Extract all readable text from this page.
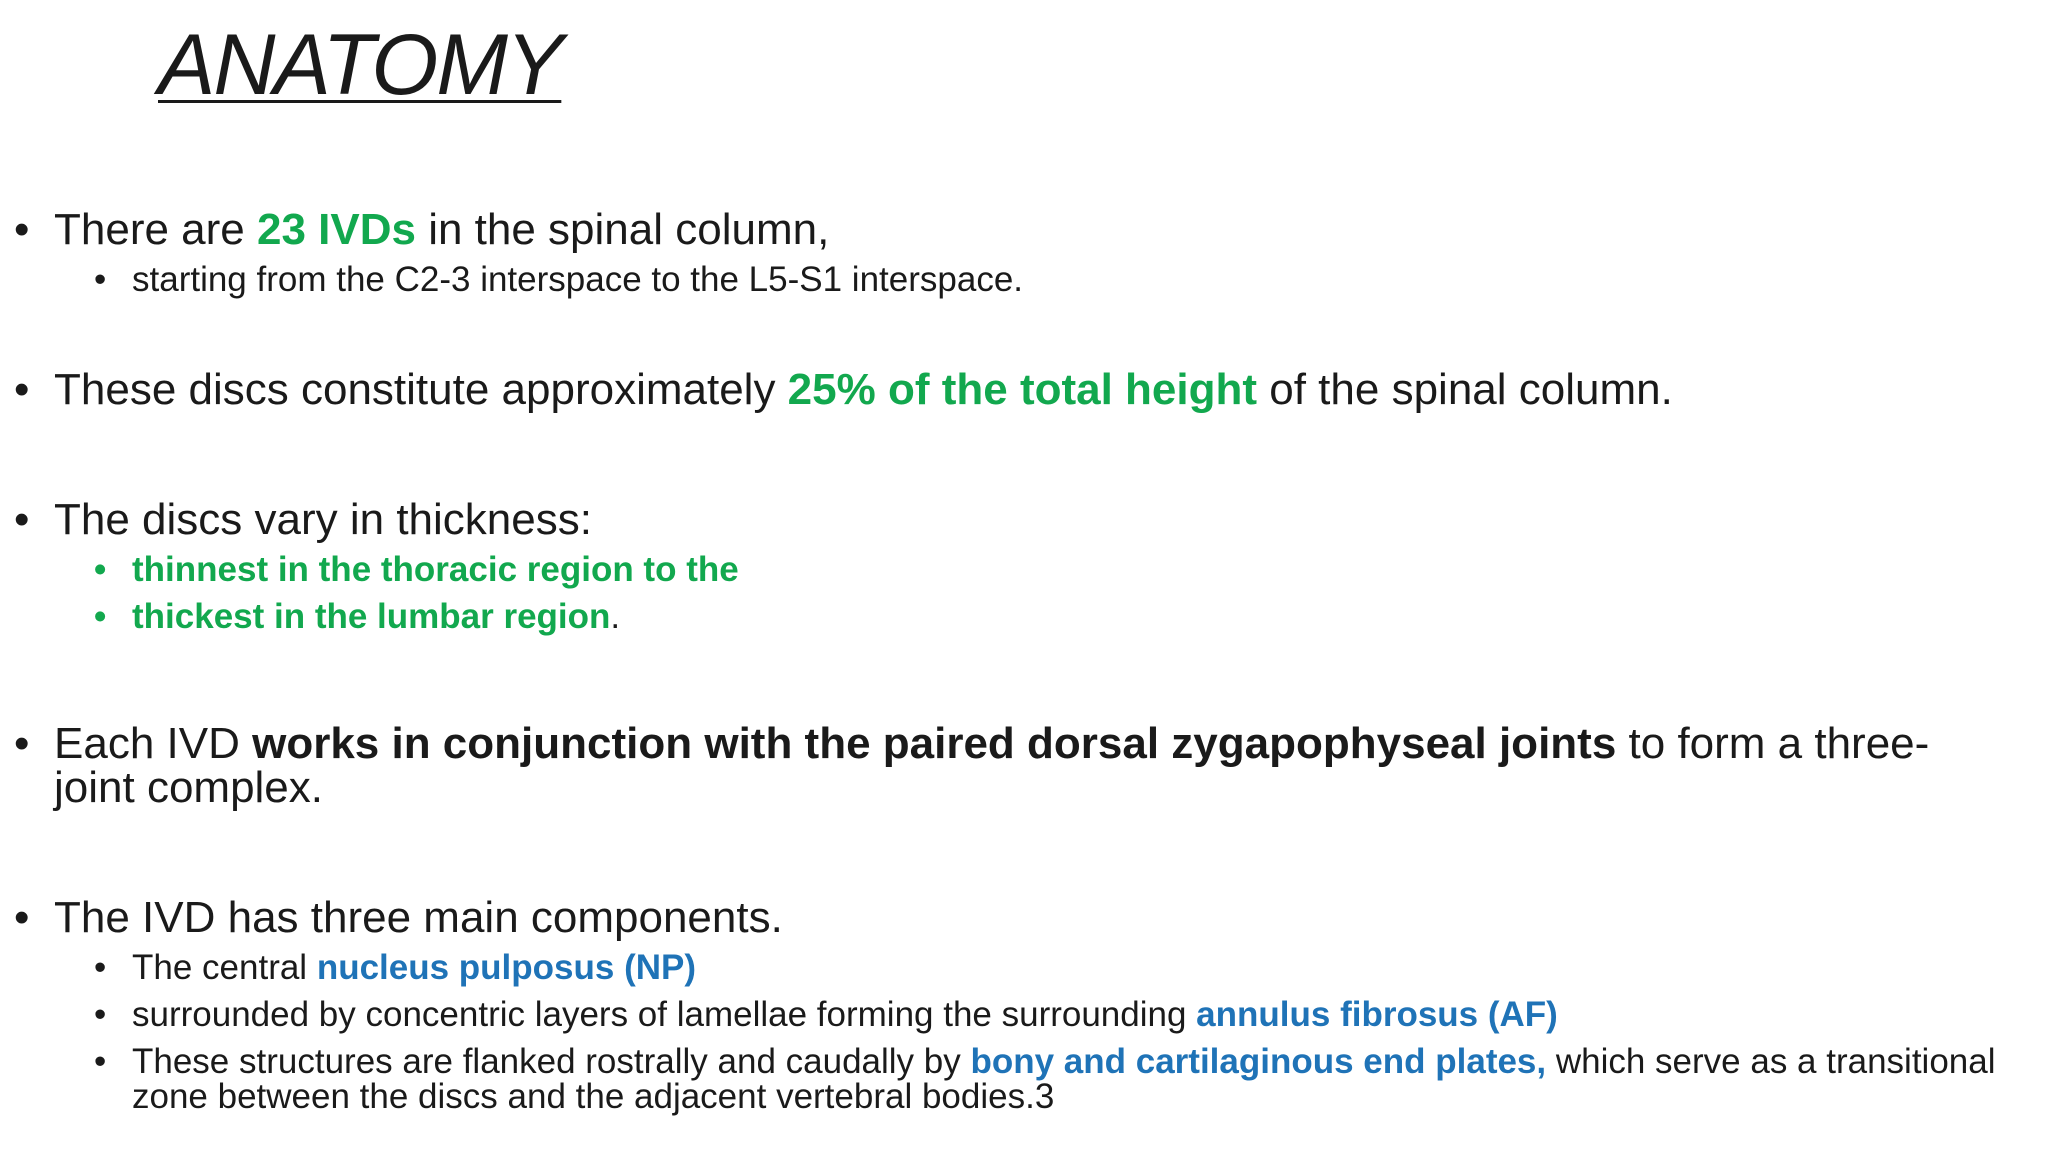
ANATOMY
• There are 23 IVDs in the spinal column,
• starting from the C2-3 interspace to the L5-S1 interspace.
• These discs constitute approximately 25% of the total height of the spinal column.
• The discs vary in thickness:
• thinnest in the thoracic region to the
• thickest in the lumbar region.
• Each IVD works in conjunction with the paired dorsal zygapophyseal joints to form a three-joint complex.
• The IVD has three main components.
• The central nucleus pulposus (NP)
• surrounded by concentric layers of lamellae forming the surrounding annulus fibrosus (AF)
• These structures are flanked rostrally and caudally by bony and cartilaginous end plates, which serve as a transitional zone between the discs and the adjacent vertebral bodies.3
